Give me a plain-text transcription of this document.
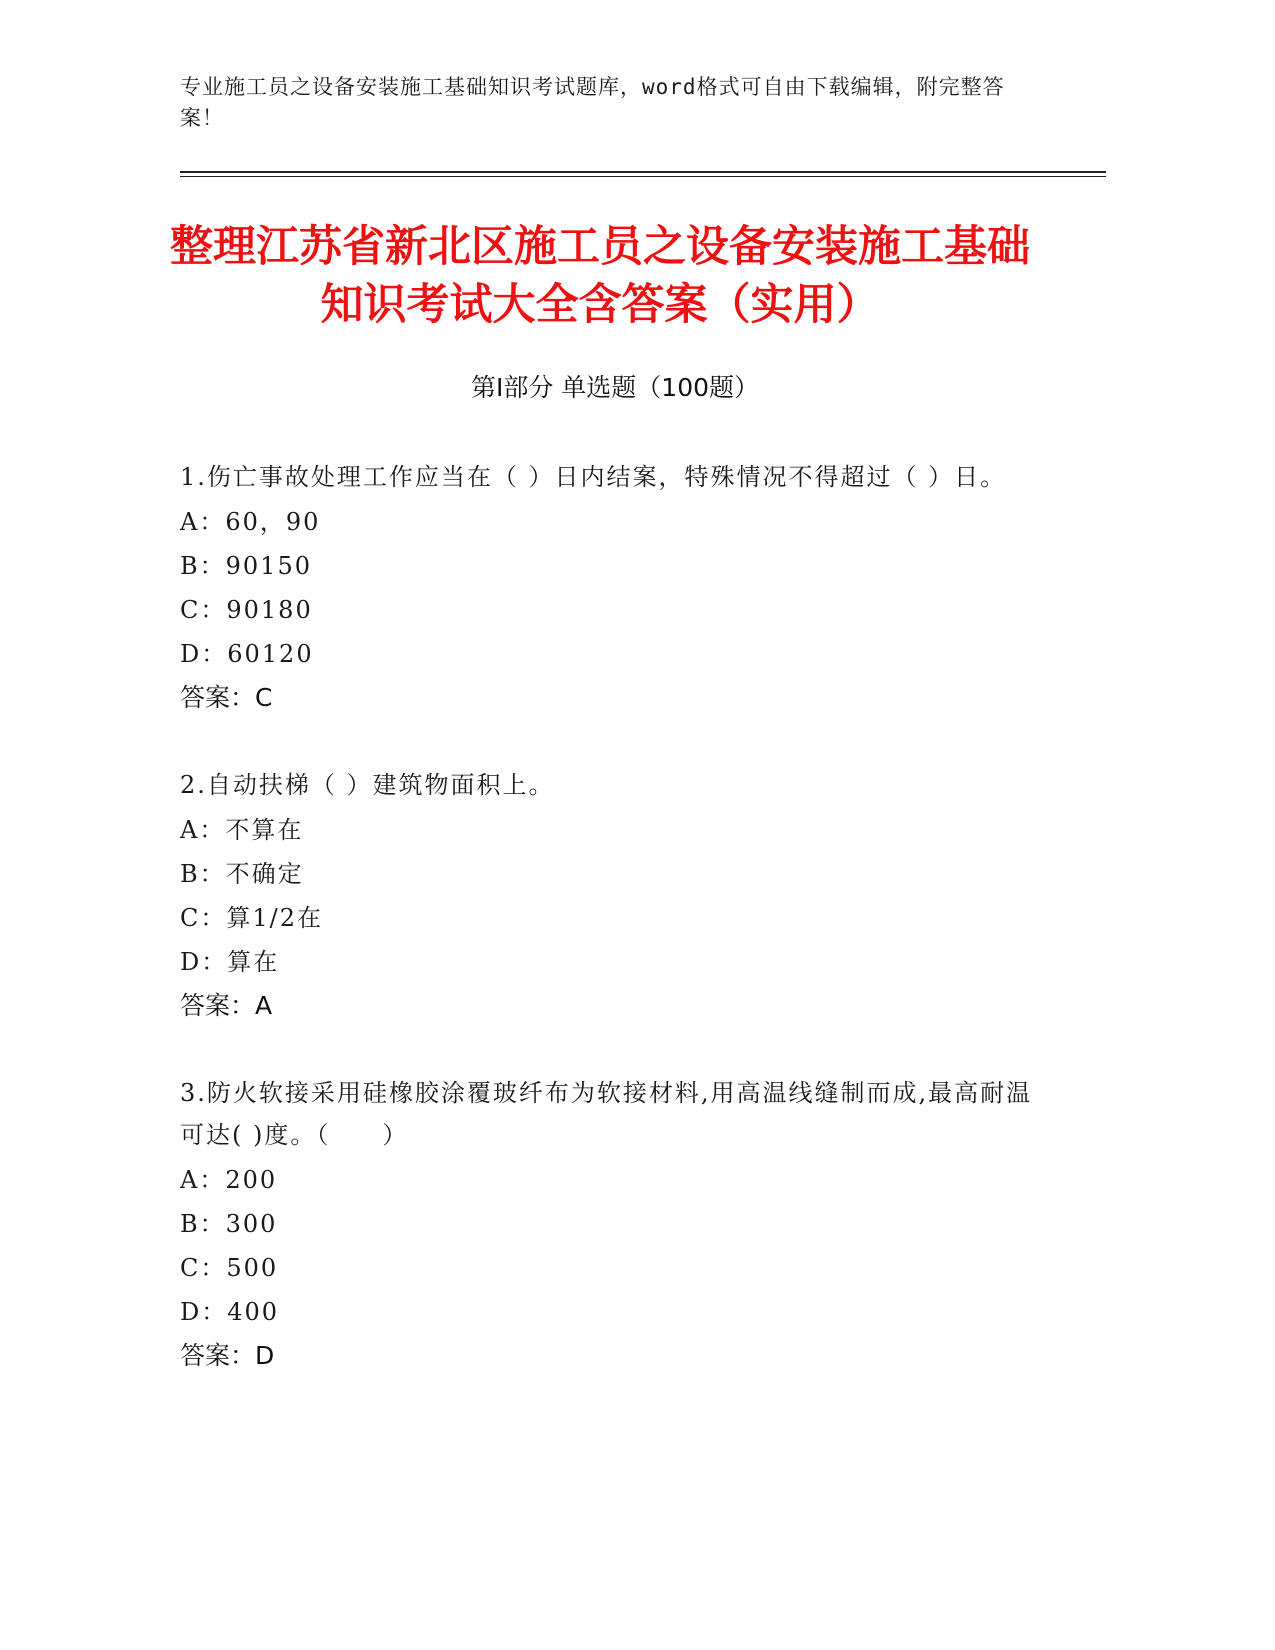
专业施工员之设备安装施工基础知识考试题库，word格式可自由下载编辑，附完整答案！
整理江苏省新北区施工员之设备安装施工基础知识考试大全含答案（实用）
第Ⅰ部分 单选题（100题）
1.伤亡事故处理工作应当在（ ）日内结案，特殊情况不得超过（ ）日。
A：60，90
B：90150
C：90180
D：60120
答案：C
2.自动扶梯（ ）建筑物面积上。
A：不算在
B：不确定
C：算1/2在
D：算在
答案：A
3.防火软接采用硅橡胶涂覆玻纤布为软接材料,用高温线缝制而成,最高耐温可达( )度。（　　）
A：200
B：300
C：500
D：400
答案：D
